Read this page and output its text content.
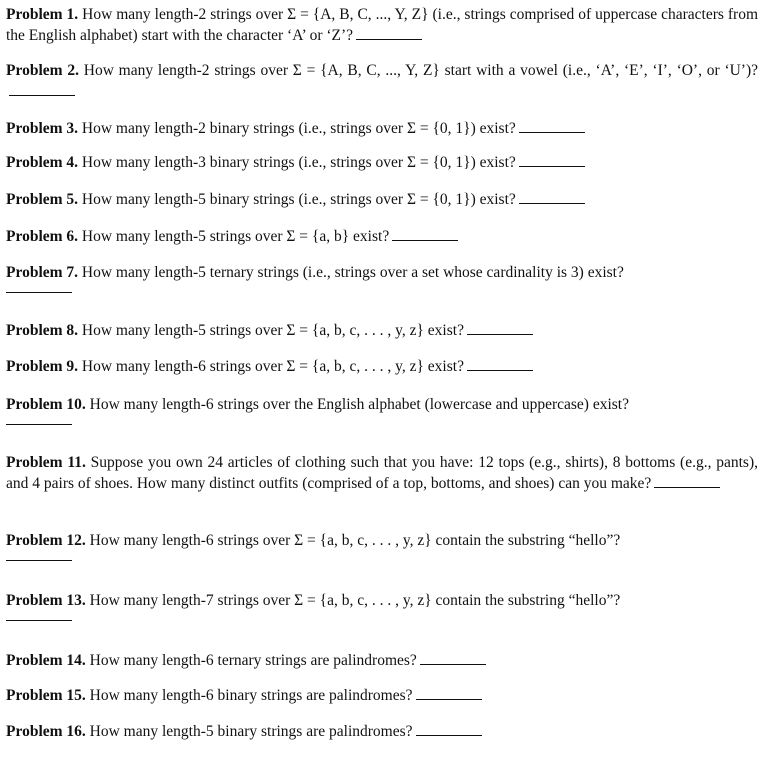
Problem 1. How many length-2 strings over Σ = {A, B, C, ..., Y, Z} (i.e., strings comprised of uppercase characters from the English alphabet) start with the character ‘A’ or ‘Z’?
Problem 2. How many length-2 strings over Σ = {A, B, C, ..., Y, Z} start with a vowel (i.e., ‘A’, ‘E’, ‘I’, ‘O’, or ‘U’)?
Problem 3. How many length-2 binary strings (i.e., strings over Σ = {0, 1}) exist?
Problem 4. How many length-3 binary strings (i.e., strings over Σ = {0, 1}) exist?
Problem 5. How many length-5 binary strings (i.e., strings over Σ = {0, 1}) exist?
Problem 6. How many length-5 strings over Σ = {a, b} exist?
Problem 7. How many length-5 ternary strings (i.e., strings over a set whose cardinality is 3) exist?
Problem 8. How many length-5 strings over Σ = {a, b, c, . . . , y, z} exist?
Problem 9. How many length-6 strings over Σ = {a, b, c, . . . , y, z} exist?
Problem 10. How many length-6 strings over the English alphabet (lowercase and uppercase) exist?
Problem 11. Suppose you own 24 articles of clothing such that you have: 12 tops (e.g., shirts), 8 bottoms (e.g., pants), and 4 pairs of shoes. How many distinct outfits (comprised of a top, bottoms, and shoes) can you make?
Problem 12. How many length-6 strings over Σ = {a, b, c, . . . , y, z} contain the substring “hello”?
Problem 13. How many length-7 strings over Σ = {a, b, c, . . . , y, z} contain the substring “hello”?
Problem 14. How many length-6 ternary strings are palindromes?
Problem 15. How many length-6 binary strings are palindromes?
Problem 16. How many length-5 binary strings are palindromes?
